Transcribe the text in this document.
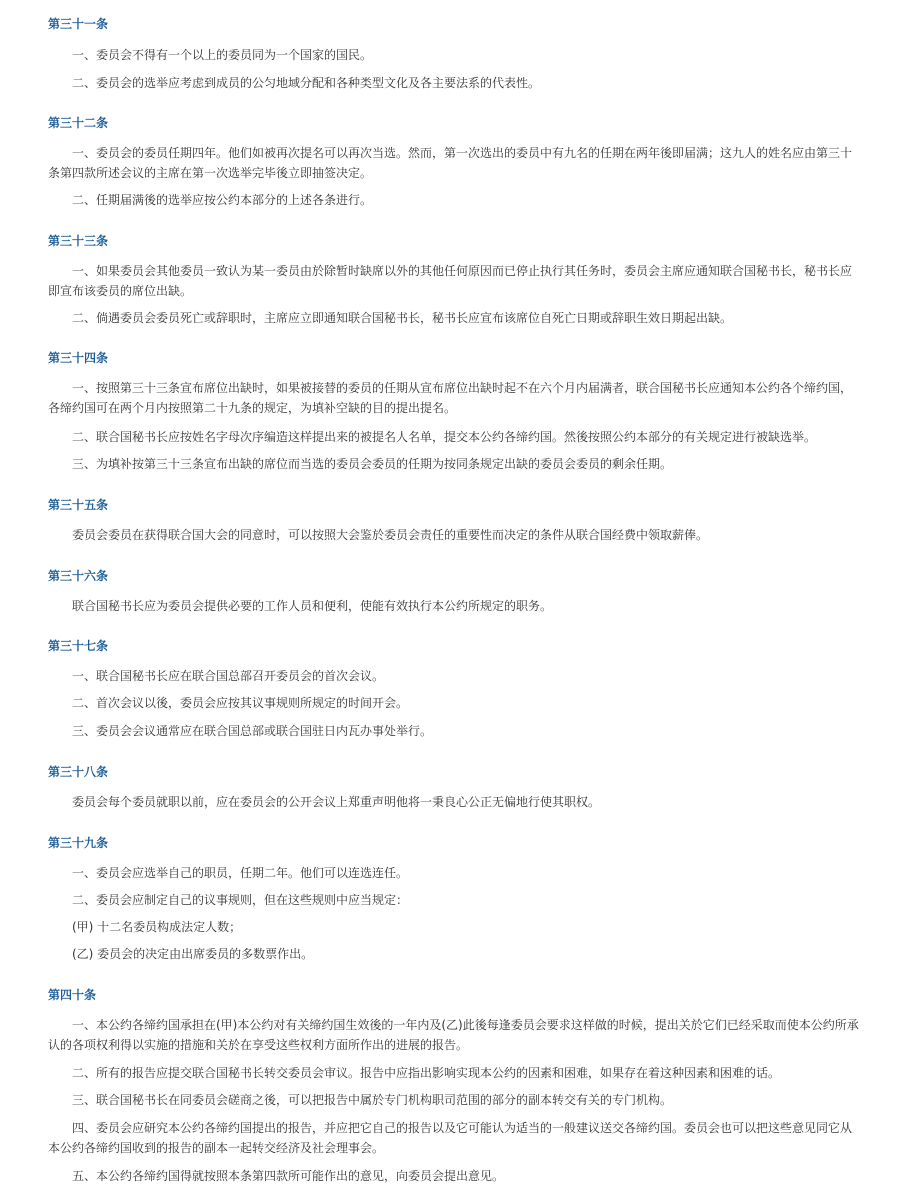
第三十一条

一、委员会不得有一个以上的委员同为一个国家的国民。

二、委员会的选举应考虑到成员的公匀地域分配和各种类型文化及各主要法系的代表性。

第三十二条

一、委员会的委员任期四年。他们如被再次提名可以再次当选。然而，第一次选出的委员中有九名的任期在两年後即届满；这九人的姓名应由第三十条第四款所述会议的主席在第一次选举完毕後立即抽签决定。

二、任期届满後的选举应按公约本部分的上述各条进行。

第三十三条

一、如果委员会其他委员一致认为某一委员由於除暂时缺席以外的其他任何原因而已停止执行其任务时，委员会主席应通知联合国秘书长，秘书长应即宣布该委员的席位出缺。

二、倘遇委员会委员死亡或辞职时，主席应立即通知联合国秘书长，秘书长应宣布该席位自死亡日期或辞职生效日期起出缺。

第三十四条

一、按照第三十三条宣布席位出缺时，如果被接替的委员的任期从宣布席位出缺时起不在六个月内届满者，联合国秘书长应通知本公约各个缔约国，各缔约国可在两个月内按照第二十九条的规定，为填补空缺的目的提出提名。

二、联合国秘书长应按姓名字母次序编造这样提出来的被提名人名单，提交本公约各缔约国。然後按照公约本部分的有关规定进行被缺选举。

三、为填补按第三十三条宣布出缺的席位而当选的委员会委员的任期为按同条规定出缺的委员会委员的剩余任期。

第三十五条

委员会委员在获得联合国大会的同意时，可以按照大会鉴於委员会责任的重要性而决定的条件从联合国经费中领取薪俸。

第三十六条

联合国秘书长应为委员会提供必要的工作人员和便利，使能有效执行本公约所规定的职务。

第三十七条

一、联合国秘书长应在联合国总部召开委员会的首次会议。

二、首次会议以後，委员会应按其议事规则所规定的时间开会。

三、委员会会议通常应在联合国总部或联合国驻日内瓦办事处举行。

第三十八条

委员会每个委员就职以前，应在委员会的公开会议上郑重声明他将一秉良心公正无偏地行使其职权。

第三十九条

一、委员会应选举自己的职员，任期二年。他们可以连选连任。

二、委员会应制定自己的议事规则，但在这些规则中应当规定：

(甲) 十二名委员构成法定人数；

(乙) 委员会的决定由出席委员的多数票作出。

第四十条

一、本公约各缔约国承担在(甲)本公约对有关缔约国生效後的一年内及(乙)此後每逢委员会要求这样做的时候，提出关於它们已经采取而使本公约所承认的各项权利得以实施的措施和关於在享受这些权利方面所作出的进展的报告。

二、所有的报告应提交联合国秘书长转交委员会审议。报告中应指出影响实现本公约的因素和困难，如果存在着这种因素和困难的话。

三、联合国秘书长在同委员会磋商之後，可以把报告中属於专门机构职司范围的部分的副本转交有关的专门机构。

四、委员会应研究本公约各缔约国提出的报告，并应把它自己的报告以及它可能认为适当的一般建议送交各缔约国。委员会也可以把这些意见同它从本公约各缔约国收到的报告的副本一起转交经济及社会理事会。

五、本公约各缔约国得就按照本条第四款所可能作出的意见，向委员会提出意见。
